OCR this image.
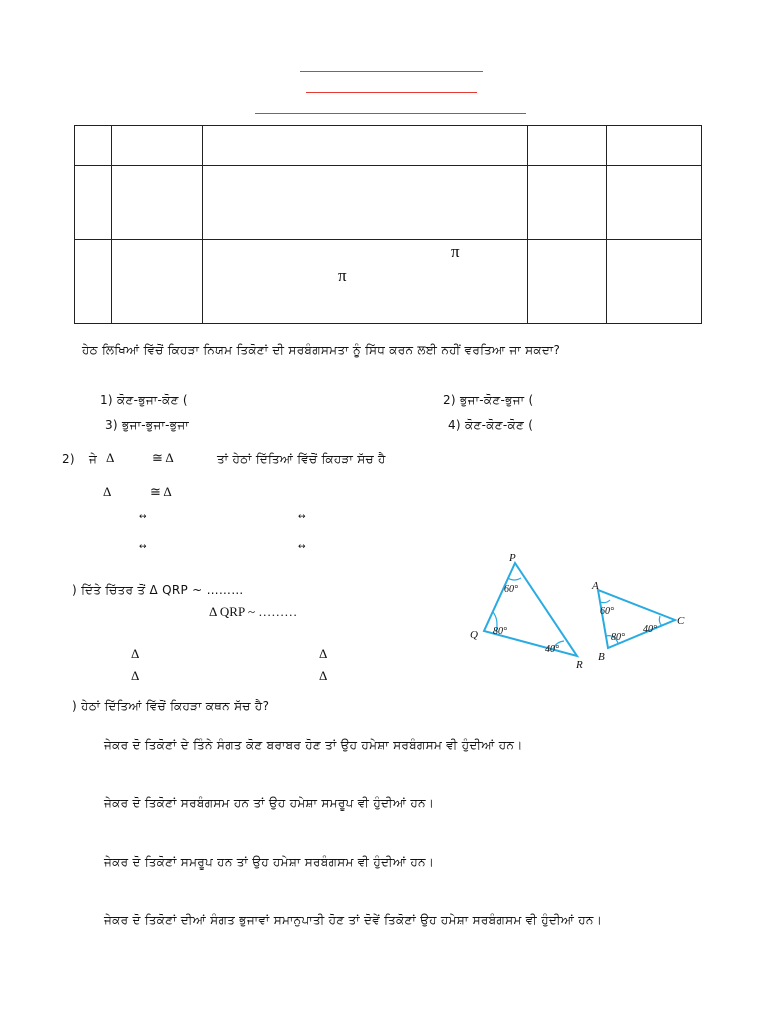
		π
π		

ਹੇਠ ਲਿਖਿਆਂ ਵਿੱਚੋਂ ਕਿਹੜਾ ਨਿਯਮ ਤਿਕੋਣਾਂ ਦੀ ਸਰਬੰਗਸਮਤਾ ਨੂੰ ਸਿੱਧ ਕਰਨ ਲਈ ਨਹੀਂ ਵਰਤਿਆ ਜਾ ਸਕਦਾ?
1) ਕੋਣ-ਭੁਜਾ-ਕੋਣ (	2) ਭੁਜਾ-ਕੋਣ-ਭੁਜਾ (
3) ਭੁਜਾ-ਭੁਜਾ-ਭੁਜਾ	4) ਕੋਣ-ਕੋਣ-ਕੋਣ (
2) ਜੇ Δ	≅ Δ	ਤਾਂ ਹੇਠਾਂ ਦਿੱਤਿਆਂ ਵਿੱਚੋਂ ਕਿਹੜਾ ਸੱਚ ਹੈ
Δ	≅ Δ
↔	↔
↔	↔
) ਦਿੱਤੇ ਚਿੱਤਰ ਤੋਂ Δ QRP ~ ………
Δ QRP ~ ………
Δ	Δ
Δ	Δ
P
Q
R
60°
80°
40°
A
B
C
60°
80°
40°
) ਹੇਠਾਂ ਦਿੱਤਿਆਂ ਵਿੱਚੋਂ ਕਿਹੜਾ ਕਥਨ ਸੱਚ ਹੈ?
ਜੇਕਰ ਦੋ ਤਿਕੋਣਾਂ ਦੇ ਤਿੰਨੇ ਸੰਗਤ ਕੋਣ ਬਰਾਬਰ ਹੋਣ ਤਾਂ ਉਹ ਹਮੇਸ਼ਾ ਸਰਬੰਗਸਮ ਵੀ ਹੁੰਦੀਆਂ ਹਨ।
ਜੇਕਰ ਦੋ ਤਿਕੋਣਾਂ ਸਰਬੰਗਸਮ ਹਨ ਤਾਂ ਉਹ ਹਮੇਸ਼ਾ ਸਮਰੂਪ ਵੀ ਹੁੰਦੀਆਂ ਹਨ।
ਜੇਕਰ ਦੋ ਤਿਕੋਣਾਂ ਸਮਰੂਪ ਹਨ ਤਾਂ ਉਹ ਹਮੇਸ਼ਾ ਸਰਬੰਗਸਮ ਵੀ ਹੁੰਦੀਆਂ ਹਨ।
ਜੇਕਰ ਦੋ ਤਿਕੋਣਾਂ ਦੀਆਂ ਸੰਗਤ ਭੁਜਾਵਾਂ ਸਮਾਨੁਪਾਤੀ ਹੋਣ ਤਾਂ ਦੋਵੇਂ ਤਿਕੋਣਾਂ ਉਹ ਹਮੇਸ਼ਾ ਸਰਬੰਗਸਮ ਵੀ ਹੁੰਦੀਆਂ ਹਨ।
